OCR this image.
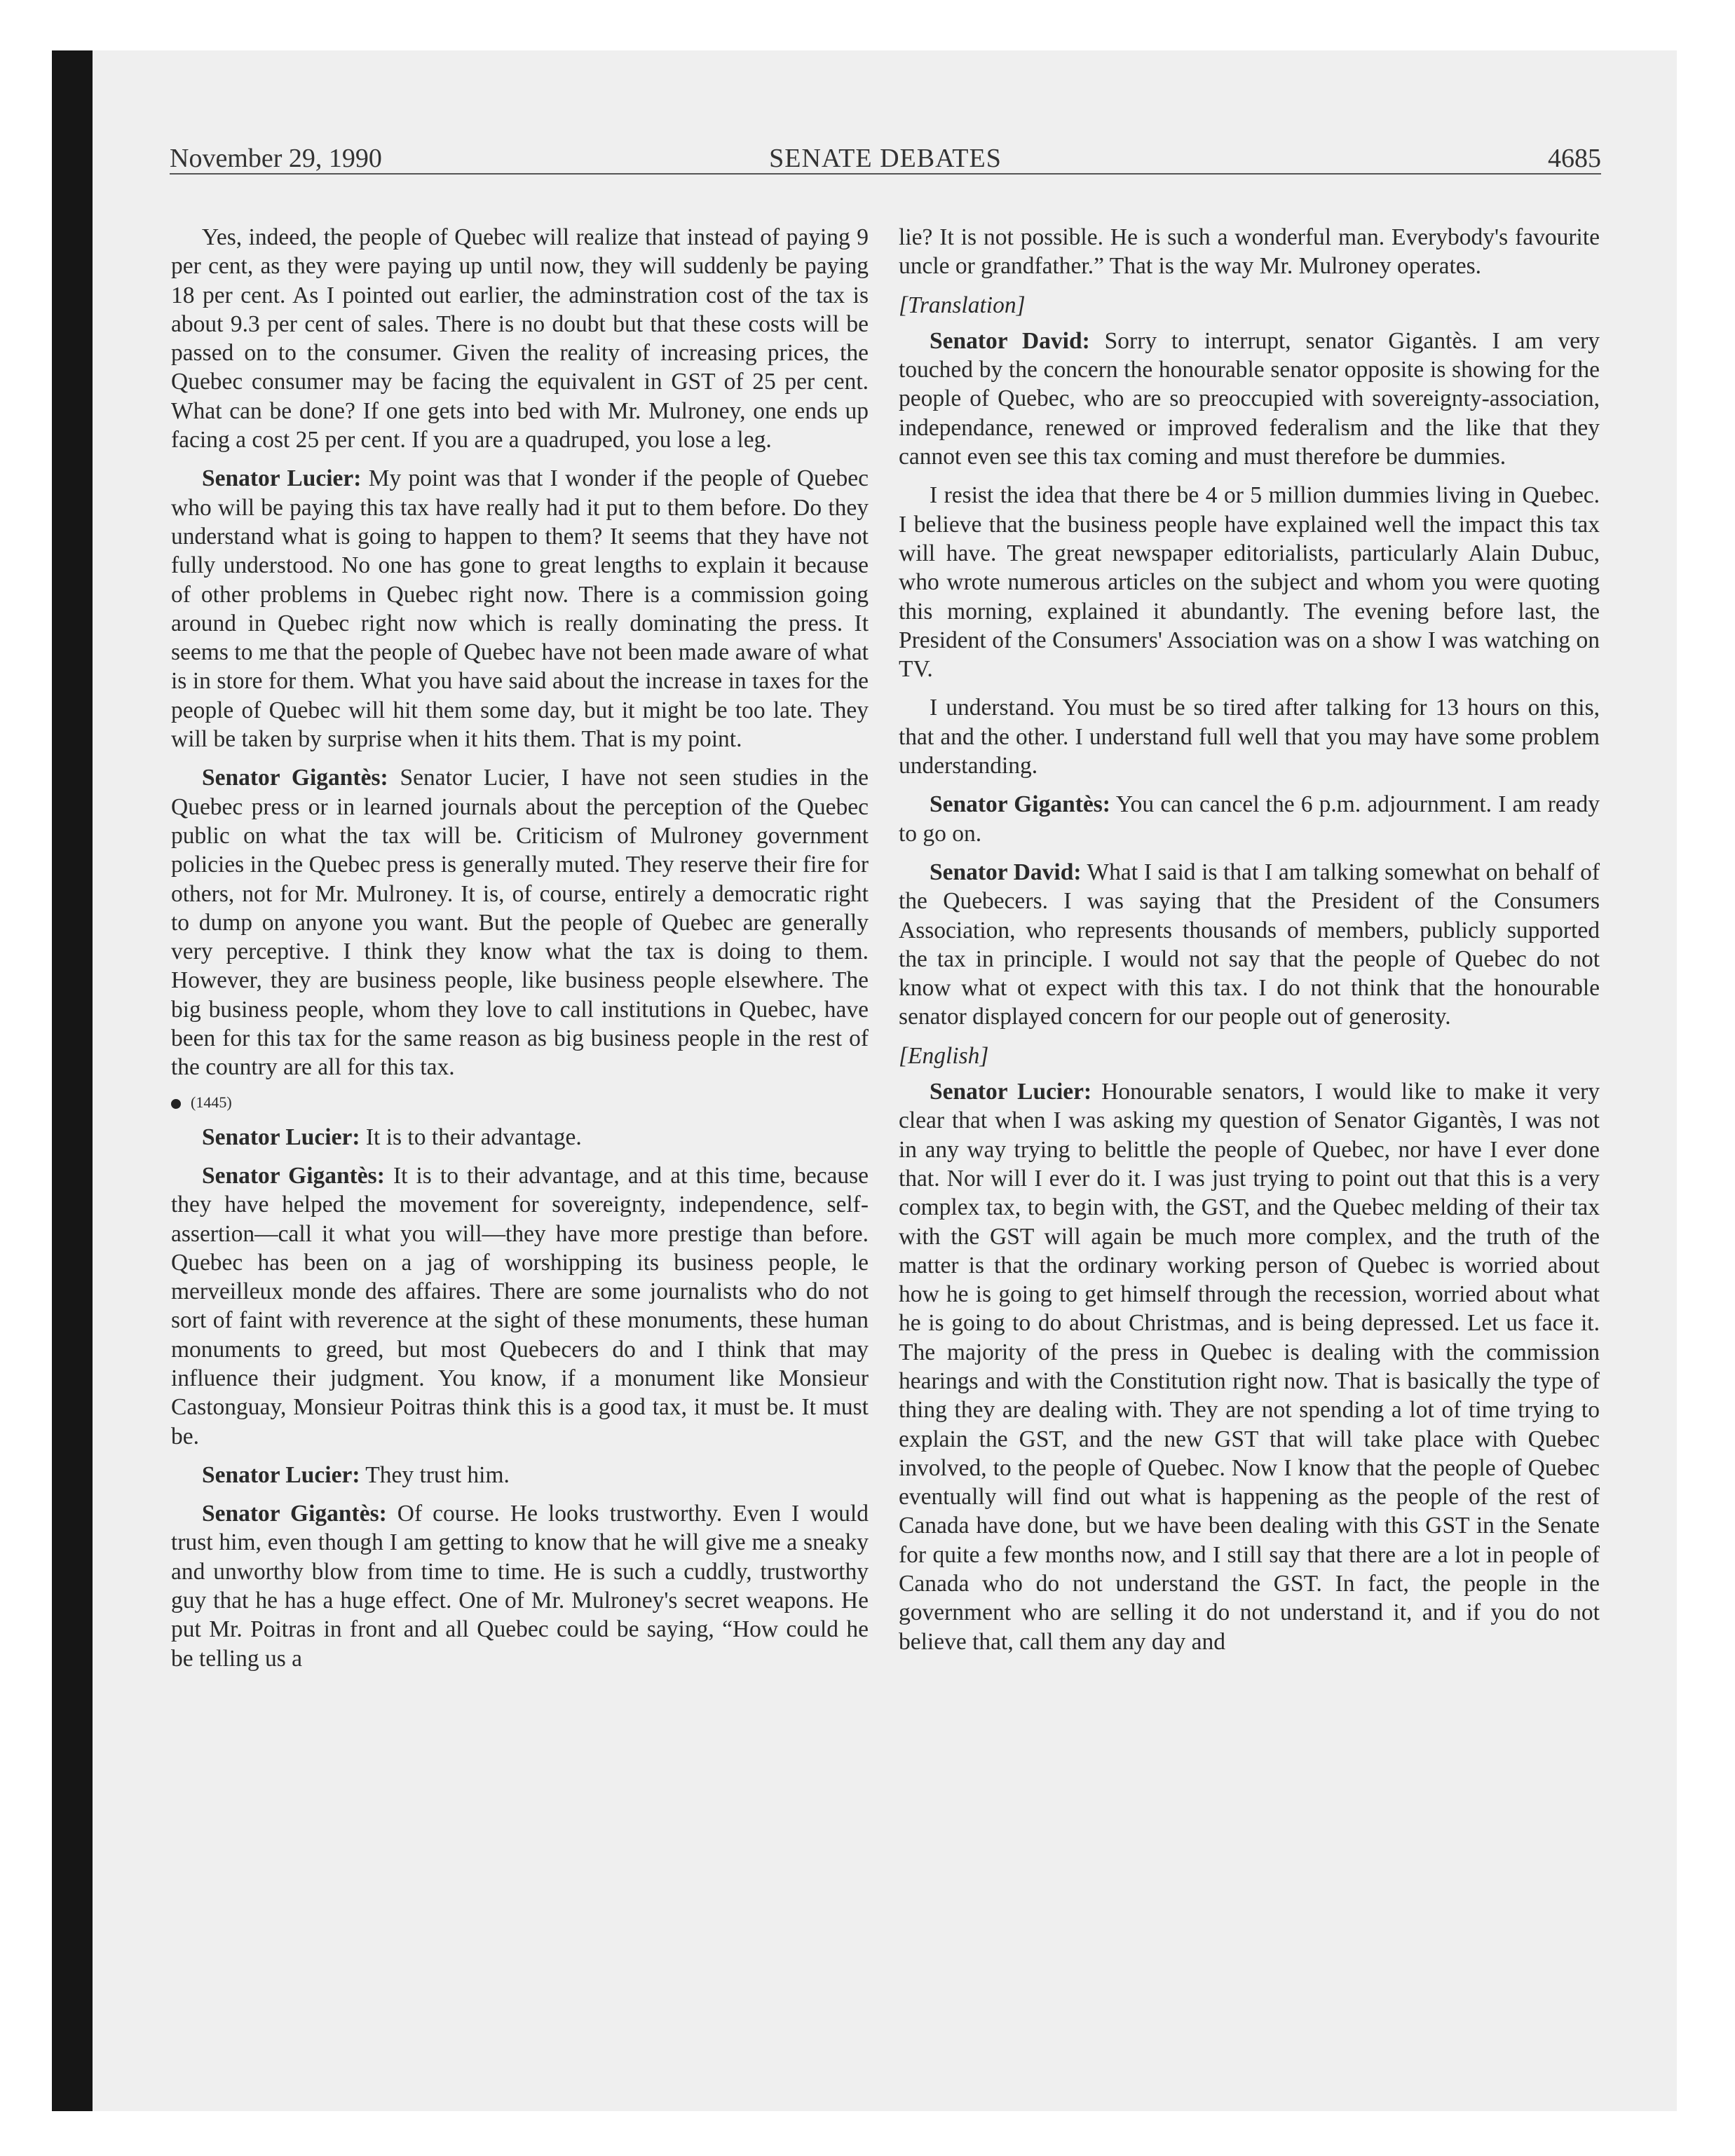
November 29, 1990	SENATE DEBATES	4685

Yes, indeed, the people of Quebec will realize that instead of paying 9 per cent, as they were paying up until now, they will suddenly be paying 18 per cent. As I pointed out earlier, the adminstration cost of the tax is about 9.3 per cent of sales. There is no doubt but that these costs will be passed on to the consumer. Given the reality of increasing prices, the Quebec consumer may be facing the equivalent in GST of 25 per cent. What can be done? If one gets into bed with Mr. Mulroney, one ends up facing a cost 25 per cent. If you are a quadruped, you lose a leg.

Senator Lucier: My point was that I wonder if the people of Quebec who will be paying this tax have really had it put to them before. Do they understand what is going to happen to them? It seems that they have not fully understood. No one has gone to great lengths to explain it because of other problems in Quebec right now. There is a commission going around in Quebec right now which is really dominating the press. It seems to me that the people of Quebec have not been made aware of what is in store for them. What you have said about the increase in taxes for the people of Quebec will hit them some day, but it might be too late. They will be taken by surprise when it hits them. That is my point.

Senator Gigantès: Senator Lucier, I have not seen studies in the Quebec press or in learned journals about the perception of the Quebec public on what the tax will be. Criticism of Mulroney government policies in the Quebec press is generally muted. They reserve their fire for others, not for Mr. Mulroney. It is, of course, entirely a democratic right to dump on anyone you want. But the people of Quebec are generally very perceptive. I think they know what the tax is doing to them. However, they are business people, like business people elsewhere. The big business people, whom they love to call institutions in Quebec, have been for this tax for the same reason as big business people in the rest of the country are all for this tax.

(1445)

Senator Lucier: It is to their advantage.

Senator Gigantès: It is to their advantage, and at this time, because they have helped the movement for sovereignty, independence, self-assertion—call it what you will—they have more prestige than before. Quebec has been on a jag of worshipping its business people, le merveilleux monde des affaires. There are some journalists who do not sort of faint with reverence at the sight of these monuments, these human monuments to greed, but most Quebecers do and I think that may influence their judgment. You know, if a monument like Monsieur Castonguay, Monsieur Poitras think this is a good tax, it must be. It must be.

Senator Lucier: They trust him.

Senator Gigantès: Of course. He looks trustworthy. Even I would trust him, even though I am getting to know that he will give me a sneaky and unworthy blow from time to time. He is such a cuddly, trustworthy guy that he has a huge effect. One of Mr. Mulroney's secret weapons. He put Mr. Poitras in front and all Quebec could be saying, “How could he be telling us a

lie? It is not possible. He is such a wonderful man. Everybody's favourite uncle or grandfather.” That is the way Mr. Mulroney operates.

[Translation]

Senator David: Sorry to interrupt, senator Gigantès. I am very touched by the concern the honourable senator opposite is showing for the people of Quebec, who are so preoccupied with sovereignty-association, independance, renewed or improved federalism and the like that they cannot even see this tax coming and must therefore be dummies.

I resist the idea that there be 4 or 5 million dummies living in Quebec. I believe that the business people have explained well the impact this tax will have. The great newspaper editorialists, particularly Alain Dubuc, who wrote numerous articles on the subject and whom you were quoting this morning, explained it abundantly. The evening before last, the President of the Consumers' Association was on a show I was watching on TV.

I understand. You must be so tired after talking for 13 hours on this, that and the other. I understand full well that you may have some problem understanding.

Senator Gigantès: You can cancel the 6 p.m. adjournment. I am ready to go on.

Senator David: What I said is that I am talking somewhat on behalf of the Quebecers. I was saying that the President of the Consumers Association, who represents thousands of members, publicly supported the tax in principle. I would not say that the people of Quebec do not know what ot expect with this tax. I do not think that the honourable senator displayed concern for our people out of generosity.

[English]

Senator Lucier: Honourable senators, I would like to make it very clear that when I was asking my question of Senator Gigantès, I was not in any way trying to belittle the people of Quebec, nor have I ever done that. Nor will I ever do it. I was just trying to point out that this is a very complex tax, to begin with, the GST, and the Quebec melding of their tax with the GST will again be much more complex, and the truth of the matter is that the ordinary working person of Quebec is worried about how he is going to get himself through the recession, worried about what he is going to do about Christmas, and is being depressed. Let us face it. The majority of the press in Quebec is dealing with the commission hearings and with the Constitution right now. That is basically the type of thing they are dealing with. They are not spending a lot of time trying to explain the GST, and the new GST that will take place with Quebec involved, to the people of Quebec. Now I know that the people of Quebec eventually will find out what is happening as the people of the rest of Canada have done, but we have been dealing with this GST in the Senate for quite a few months now, and I still say that there are a lot in people of Canada who do not understand the GST. In fact, the people in the government who are selling it do not understand it, and if you do not believe that, call them any day and
